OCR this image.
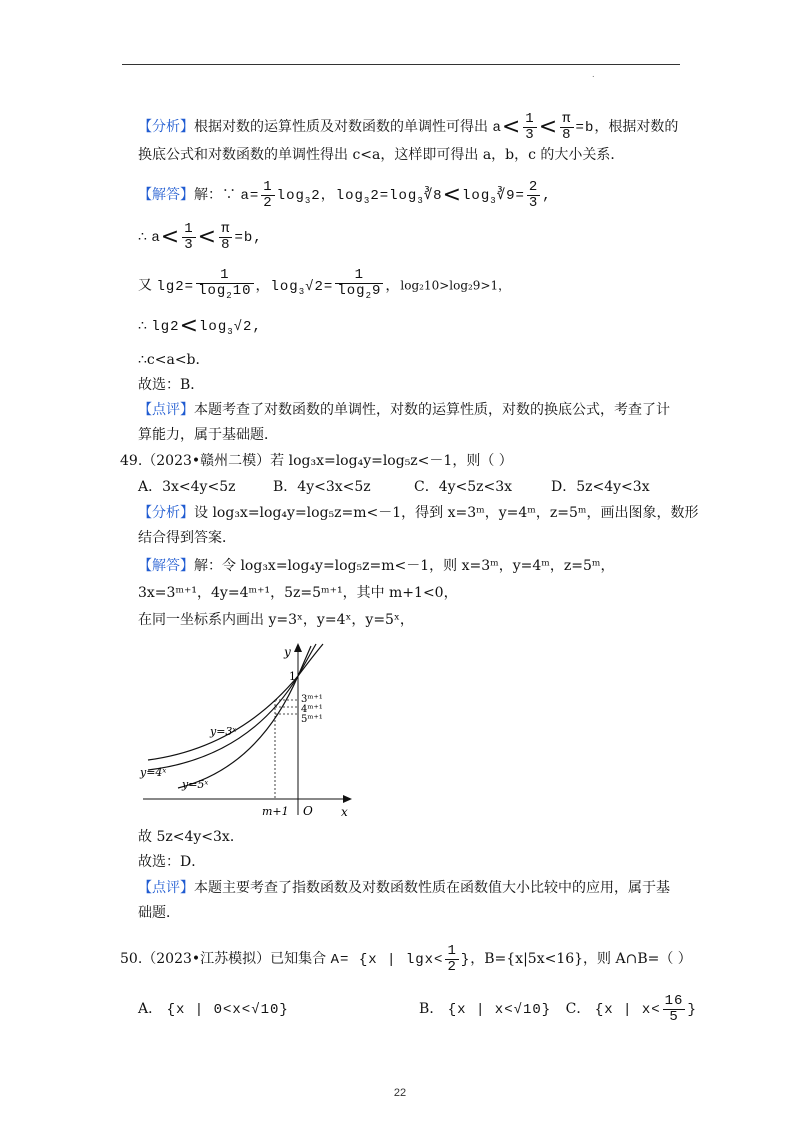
.
【分析】根据对数的运算性质及对数函数的单调性可得出 $a< \frac{1}{3} < \frac{\pi}{8} =b$，根据对数的
换底公式和对数函数的单调性得出 c<a，这样即可得出 a，b，c 的大小关系．
【解答】解：∵ $a= \frac{1}{2} \log_32$，$\log_32=\log_3∛8<\log_3∛9= \frac{2}{3}$ ,
∴ $a< \frac{1}{3} < \frac{\pi}{8} =b$,
又 $\lg 2= \frac{1}{\log_210}$ ，$\log_3√2= \frac{1}{\log_29}$ ，log₂10>log₂9>1，
∴ $\lg 2<\log_3√2$,
∴c<a<b．
故选：B．
【点评】本题考查了对数函数的单调性，对数的运算性质，对数的换底公式，考查了计
算能力，属于基础题．
49.（2023•赣州二模）若 log₃x=log₄y=log₅z<－1，则（ ）
A．3x<4y<5z	B．4y<3x<5z	C．4y<5z<3x	D．5z<4y<3x
【分析】设 log₃x=log₄y=log₅z=m<－1，得到 x=3ᵐ，y=4ᵐ，z=5ᵐ，画出图象，数形
结合得到答案．
【解答】解：令 log₃x=log₄y=log₅z=m<－1，则 x=3ᵐ，y=4ᵐ，z=5ᵐ，
3x=3ᵐ⁺¹，4y=4ᵐ⁺¹，5z=5ᵐ⁺¹，其中 m+1<0，
在同一坐标系内画出 y=3ˣ，y=4ˣ，y=5ˣ，
y
x
O
1
m+1
y=3ˣ
y=4ˣ
y=5ˣ
3ᵐ⁺¹
4ᵐ⁺¹
5ᵐ⁺¹
故 5z<4y<3x．
故选：D．
【点评】本题主要考查了指数函数及对数函数性质在函数值大小比较中的应用，属于基
础题．
50.（2023•江苏模拟）已知集合 A= {x | $\lg x< \frac{1}{2}$ }，B={x|5x<16}，则 A∩B=（ ）
A． {x | 0<x<√10}	B． {x | x<√10} C． {x | $x< \frac{16}{5}$ }
22
